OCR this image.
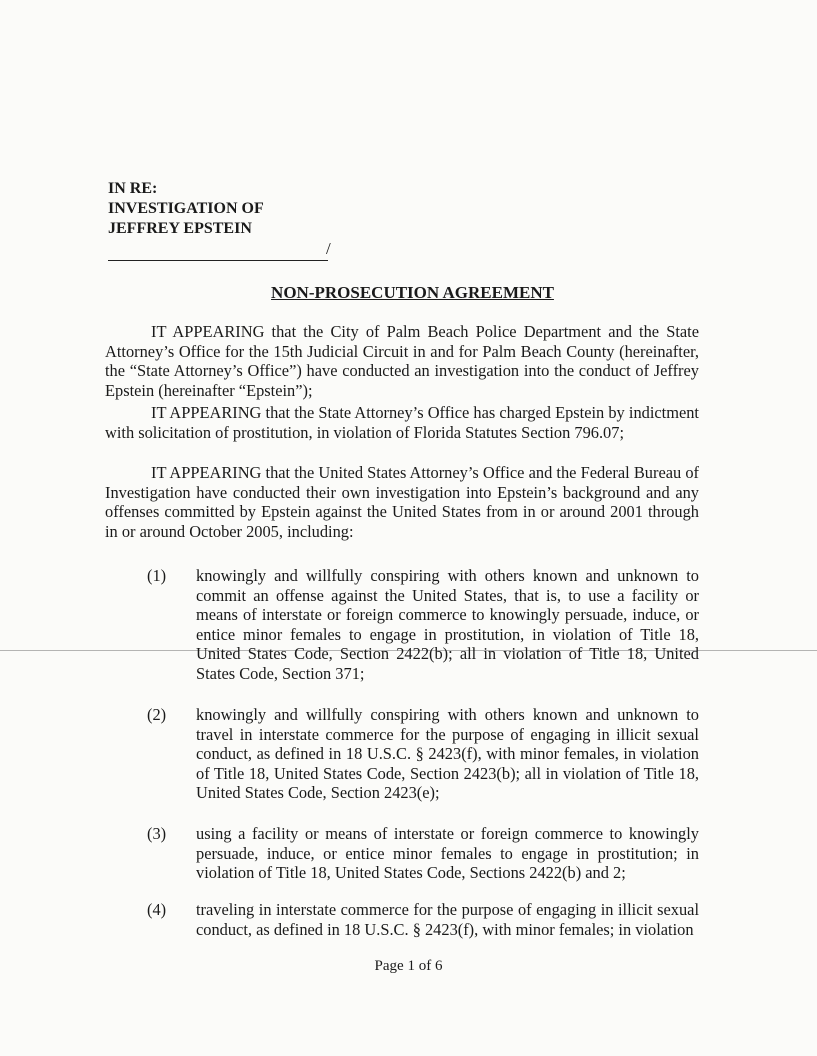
IN RE:
INVESTIGATION OF
JEFFREY EPSTEIN
/
NON-PROSECUTION AGREEMENT

IT APPEARING that the City of Palm Beach Police Department and the State Attorney’s Office for the 15th Judicial Circuit in and for Palm Beach County (hereinafter, the “State Attorney’s Office”) have conducted an investigation into the conduct of Jeffrey Epstein (hereinafter “Epstein”);

IT APPEARING that the State Attorney’s Office has charged Epstein by indictment with solicitation of prostitution, in violation of Florida Statutes Section 796.07;

IT APPEARING that the United States Attorney’s Office and the Federal Bureau of Investigation have conducted their own investigation into Epstein’s background and any offenses committed by Epstein against the United States from in or around 2001 through in or around October 2005, including:

(1) knowingly and willfully conspiring with others known and unknown to commit an offense against the United States, that is, to use a facility or means of interstate or foreign commerce to knowingly persuade, induce, or entice minor females to engage in prostitution, in violation of Title 18, United States Code, Section 2422(b); all in violation of Title 18, United States Code, Section 371;
(2) knowingly and willfully conspiring with others known and unknown to travel in interstate commerce for the purpose of engaging in illicit sexual conduct, as defined in 18 U.S.C. § 2423(f), with minor females, in violation of Title 18, United States Code, Section 2423(b); all in violation of Title 18, United States Code, Section 2423(e);
(3) using a facility or means of interstate or foreign commerce to knowingly persuade, induce, or entice minor females to engage in prostitution; in violation of Title 18, United States Code, Sections 2422(b) and 2;
(4) traveling in interstate commerce for the purpose of engaging in illicit sexual conduct, as defined in 18 U.S.C. § 2423(f), with minor females; in violation
Page 1 of 6
